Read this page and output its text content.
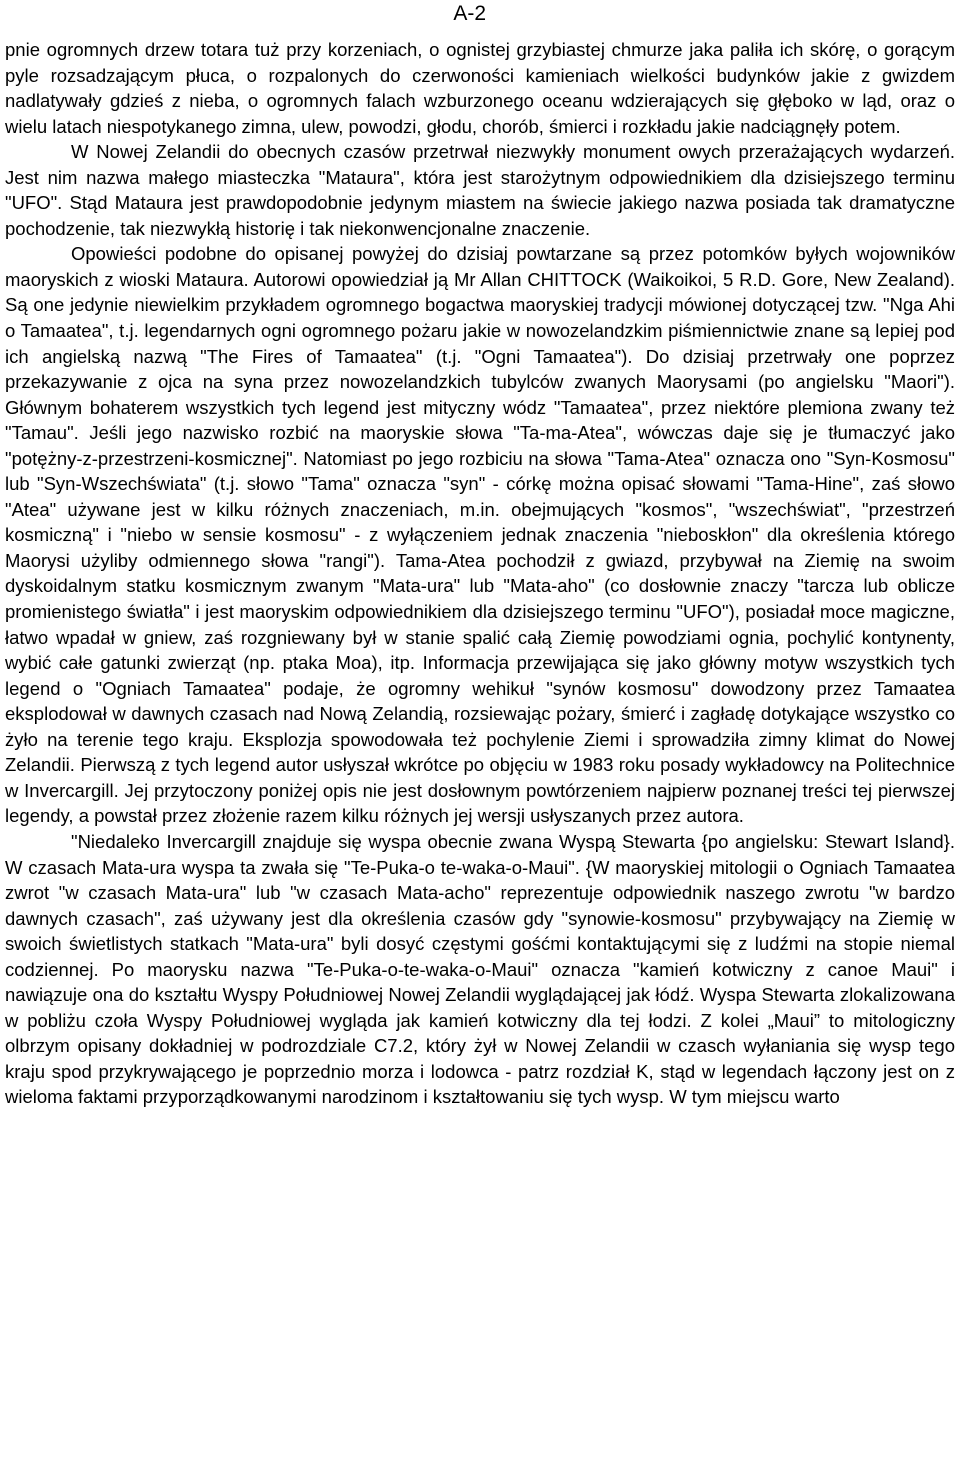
A-2

pnie ogromnych drzew totara tuż przy korzeniach, o ognistej grzybiastej chmurze jaka paliła ich skórę, o gorącym pyle rozsadzającym płuca, o rozpalonych do czerwoności kamieniach wielkości budynków jakie z gwizdem nadlatywały gdzieś z nieba, o ogromnych falach wzburzonego oceanu wdzierających się głęboko w ląd, oraz o wielu latach niespotykanego zimna, ulew, powodzi, głodu, chorób, śmierci i rozkładu jakie nadciągnęły potem.

W Nowej Zelandii do obecnych czasów przetrwał niezwykły monument owych przerażających wydarzeń. Jest nim nazwa małego miasteczka "Mataura", która jest starożytnym odpowiednikiem dla dzisiejszego terminu "UFO". Stąd Mataura jest prawdopodobnie jedynym miastem na świecie jakiego nazwa posiada tak dramatyczne pochodzenie, tak niezwykłą historię i tak niekonwencjonalne znaczenie.

Opowieści podobne do opisanej powyżej do dzisiaj powtarzane są przez potomków byłych wojowników maoryskich z wioski Mataura. Autorowi opowiedział ją Mr Allan CHITTOCK (Waikoikoi, 5 R.D. Gore, New Zealand). Są one jedynie niewielkim przykładem ogromnego bogactwa maoryskiej tradycji mówionej dotyczącej tzw. "Nga Ahi o Tamaatea", t.j. legendarnych ogni ogromnego pożaru jakie w nowozelandzkim piśmiennictwie znane są lepiej pod ich angielską nazwą "The Fires of Tamaatea" (t.j. "Ogni Tamaatea"). Do dzisiaj przetrwały one poprzez przekazywanie z ojca na syna przez nowozelandzkich tubylców zwanych Maorysami (po angielsku "Maori"). Głównym bohaterem wszystkich tych legend jest mityczny wódz "Tamaatea", przez niektóre plemiona zwany też "Tamau". Jeśli jego nazwisko rozbić na maoryskie słowa "Ta-ma-Atea", wówczas daje się je tłumaczyć jako "potężny-z-przestrzeni-kosmicznej". Natomiast po jego rozbiciu na słowa "Tama-Atea" oznacza ono "Syn-Kosmosu" lub "Syn-Wszechświata" (t.j. słowo "Tama" oznacza "syn" - córkę można opisać słowami "Tama-Hine", zaś słowo "Atea" używane jest w kilku różnych znaczeniach, m.in. obejmujących "kosmos", "wszechświat", "przestrzeń kosmiczną" i "niebo w sensie kosmosu" - z wyłączeniem jednak znaczenia "nieboskłon" dla określenia którego Maorysi użyliby odmiennego słowa "rangi"). Tama-Atea pochodził z gwiazd, przybywał na Ziemię na swoim dyskoidalnym statku kosmicznym zwanym "Mata-ura" lub "Mata-aho" (co dosłownie znaczy "tarcza lub oblicze promienistego światła" i jest maoryskim odpowiednikiem dla dzisiejszego terminu "UFO"), posiadał moce magiczne, łatwo wpadał w gniew, zaś rozgniewany był w stanie spalić całą Ziemię powodziami ognia, pochylić kontynenty, wybić całe gatunki zwierząt (np. ptaka Moa), itp. Informacja przewijająca się jako główny motyw wszystkich tych legend o "Ogniach Tamaatea" podaje, że ogromny wehikuł "synów kosmosu" dowodzony przez Tamaatea eksplodował w dawnych czasach nad Nową Zelandią, rozsiewając pożary, śmierć i zagładę dotykające wszystko co żyło na terenie tego kraju. Eksplozja spowodowała też pochylenie Ziemi i sprowadziła zimny klimat do Nowej Zelandii. Pierwszą z tych legend autor usłyszał wkrótce po objęciu w 1983 roku posady wykładowcy na Politechnice w Invercargill. Jej przytoczony poniżej opis nie jest dosłownym powtórzeniem najpierw poznanej treści tej pierwszej legendy, a powstał przez złożenie razem kilku różnych jej wersji usłyszanych przez autora.

"Niedaleko Invercargill znajduje się wyspa obecnie zwana Wyspą Stewarta {po angielsku: Stewart Island}. W czasach Mata-ura wyspa ta zwała się "Te-Puka-o te-waka-o-Maui". {W maoryskiej mitologii o Ogniach Tamaatea zwrot "w czasach Mata-ura" lub "w czasach Mata-acho" reprezentuje odpowiednik naszego zwrotu "w bardzo dawnych czasach", zaś używany jest dla określenia czasów gdy "synowie-kosmosu" przybywający na Ziemię w swoich świetlistych statkach "Mata-ura" byli dosyć częstymi gośćmi kontaktującymi się z ludźmi na stopie niemal codziennej. Po maorysku nazwa "Te-Puka-o-te-waka-o-Maui" oznacza "kamień kotwiczny z canoe Maui" i nawiązuje ona do kształtu Wyspy Południowej Nowej Zelandii wyglądającej jak łódź. Wyspa Stewarta zlokalizowana w pobliżu czoła Wyspy Południowej wygląda jak kamień kotwiczny dla tej łodzi. Z kolei „Maui” to mitologiczny olbrzym opisany dokładniej w podrozdziale C7.2, który żył w Nowej Zelandii w czasch wyłaniania się wysp tego kraju spod przykrywającego je poprzednio morza i lodowca - patrz rozdział K, stąd w legendach łączony jest on z wieloma faktami przyporządkowanymi narodzinom i kształtowaniu się tych wysp. W tym miejscu warto
